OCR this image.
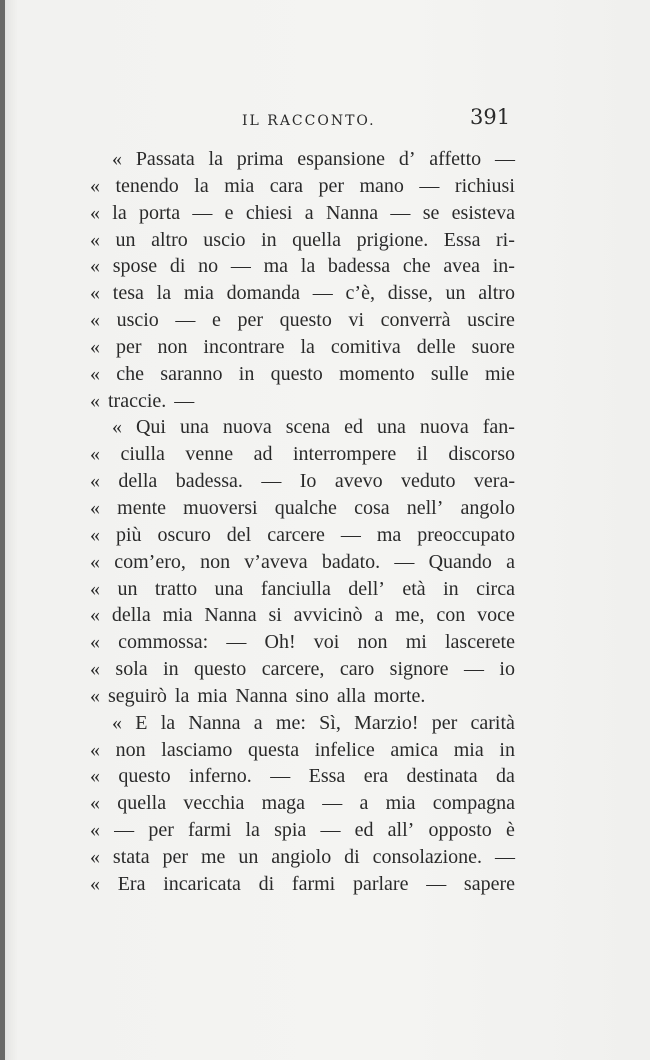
IL RACCONTO.	391
« Passata la prima espansione d’ affetto —
« tenendo la mia cara per mano — richiusi
« la porta — e chiesi a Nanna — se esisteva
« un altro uscio in quella prigione. Essa ri-
« spose di no — ma la badessa che avea in-
« tesa la mia domanda — c’è, disse, un altro
« uscio — e per questo vi converrà uscire
« per non incontrare la comitiva delle suore
« che saranno in questo momento sulle mie
« traccie. —
« Qui una nuova scena ed una nuova fan-
« ciulla venne ad interrompere il discorso
« della badessa. — Io avevo veduto vera-
« mente muoversi qualche cosa nell’ angolo
« più oscuro del carcere — ma preoccupato
« com’ero, non v’aveva badato. — Quando a
« un tratto una fanciulla dell’ età in circa
« della mia Nanna si avvicinò a me, con voce
« commossa: — Oh! voi non mi lascerete
« sola in questo carcere, caro signore — io
« seguirò la mia Nanna sino alla morte.
« E la Nanna a me: Sì, Marzio! per carità
« non lasciamo questa infelice amica mia in
« questo inferno. — Essa era destinata da
« quella vecchia maga — a mia compagna
« — per farmi la spia — ed all’ opposto è
« stata per me un angiolo di consolazione. —
« Era incaricata di farmi parlare — sapere
